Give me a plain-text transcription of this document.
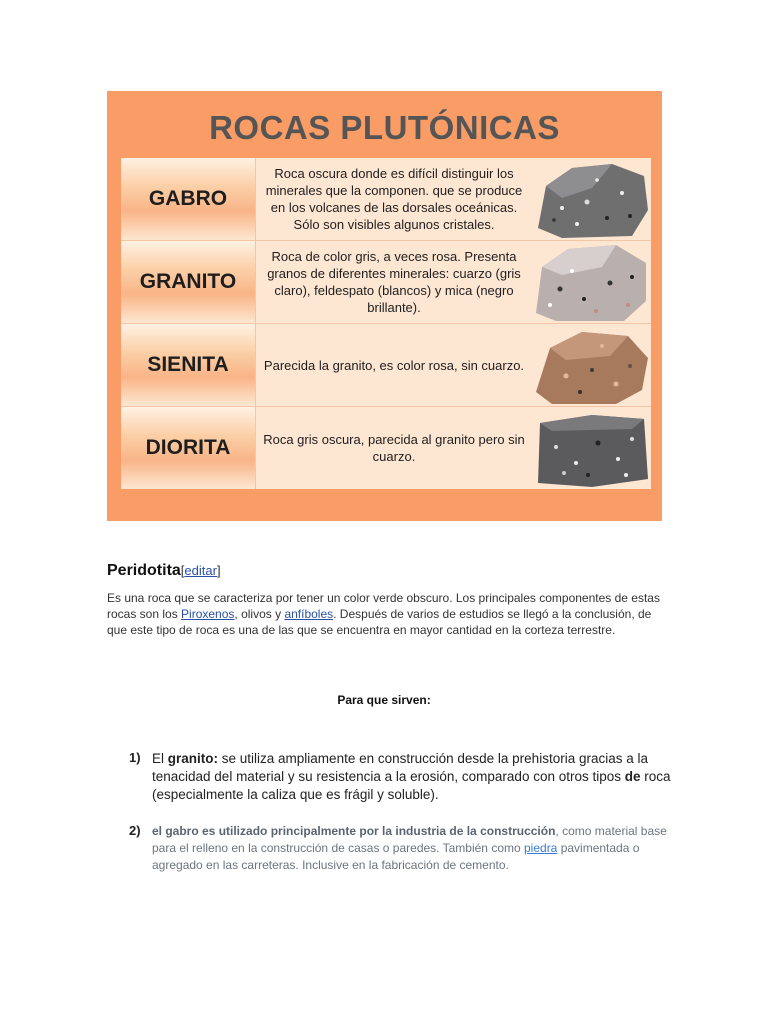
ROCAS PLUTÓNICAS
GABRO
Roca oscura donde es difícil distinguir los minerales que la componen. que se produce en los volcanes de las dorsales oceánicas. Sólo son visibles algunos cristales.
GRANITO
Roca de color gris, a veces rosa. Presenta granos de diferentes minerales: cuarzo (gris claro), feldespato (blancos) y mica (negro brillante).
SIENITA	Parecida la granito, es color rosa, sin cuarzo.
DIORITA	Roca gris oscura, parecida al granito pero sin cuarzo.
Peridotita[editar]
Es una roca que se caracteriza por tener un color verde obscuro. Los principales componentes de estas rocas son los Piroxenos, olivos y anfíboles. Después de varios de estudios se llegó a la conclusión, de que este tipo de roca es una de las que se encuentra en mayor cantidad en la corteza terrestre.
Para que sirven:
1) El granito: se utiliza ampliamente en construcción desde la prehistoria gracias a la tenacidad del material y su resistencia a la erosión, comparado con otros tipos de roca (especialmente la caliza que es frágil y soluble).
2) el gabro es utilizado principalmente por la industria de la construcción, como material base para el relleno en la construcción de casas o paredes. También como piedra pavimentada o agregado en las carreteras. Inclusive en la fabricación de cemento.
